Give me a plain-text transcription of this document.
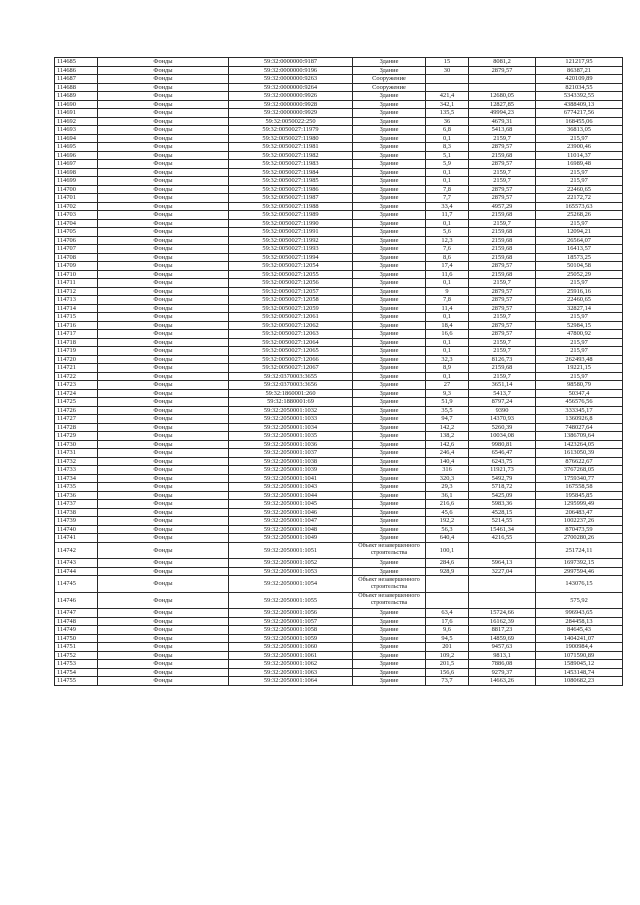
114685	Фонды	59:32:0000000:9187	Здание	15	8081,2	121217,95
114686	Фонды	59:32:0000000:9196	Здание	30	2879,57	86387,21
114687	Фонды	59:32:0000000:9263	Сооружение			420109,89
114688	Фонды	59:32:0000000:9264	Сооружение			821034,55
114689	Фонды	59:32:0000000:9926	Здание	421,4	12680,05	5343392,55
114690	Фонды	59:32:0000000:9928	Здание	342,1	12827,85	4388409,13
114691	Фонды	59:32:0000000:9929	Здание	135,5	49994,23	6774217,56
114692	Фонды	59:32:0050022:250	Здание	36	4679,31	168455,06
114693	Фонды	59:32:0050027:11979	Здание	6,8	5413,68	36813,05
114694	Фонды	59:32:0050027:11980	Здание	0,1	2159,7	215,97
114695	Фонды	59:32:0050027:11981	Здание	8,3	2879,57	23900,46
114696	Фонды	59:32:0050027:11982	Здание	5,1	2159,68	11014,37
114697	Фонды	59:32:0050027:11983	Здание	5,9	2879,57	16989,48
114698	Фонды	59:32:0050027:11984	Здание	0,1	2159,7	215,97
114699	Фонды	59:32:0050027:11985	Здание	0,1	2159,7	215,97
114700	Фонды	59:32:0050027:11986	Здание	7,8	2879,57	22460,65
114701	Фонды	59:32:0050027:11987	Здание	7,7	2879,57	22172,72
114702	Фонды	59:32:0050027:11988	Здание	33,4	4957,29	165573,63
114703	Фонды	59:32:0050027:11989	Здание	11,7	2159,68	25268,26
114704	Фонды	59:32:0050027:11990	Здание	0,1	2159,7	215,97
114705	Фонды	59:32:0050027:11991	Здание	5,6	2159,68	12094,21
114706	Фонды	59:32:0050027:11992	Здание	12,3	2159,68	26564,07
114707	Фонды	59:32:0050027:11993	Здание	7,6	2159,68	16413,57
114708	Фонды	59:32:0050027:11994	Здание	8,6	2159,68	18573,25
114709	Фонды	59:32:0050027:12054	Здание	17,4	2879,57	50104,58
114710	Фонды	59:32:0050027:12055	Здание	11,6	2159,68	25052,29
114711	Фонды	59:32:0050027:12056	Здание	0,1	2159,7	215,97
114712	Фонды	59:32:0050027:12057	Здание	9	2879,57	25916,16
114713	Фонды	59:32:0050027:12058	Здание	7,8	2879,57	22460,65
114714	Фонды	59:32:0050027:12059	Здание	11,4	2879,57	32827,14
114715	Фонды	59:32:0050027:12061	Здание	0,1	2159,7	215,97
114716	Фонды	59:32:0050027:12062	Здание	18,4	2879,57	52984,15
114717	Фонды	59:32:0050027:12063	Здание	16,6	2879,57	47800,92
114718	Фонды	59:32:0050027:12064	Здание	0,1	2159,7	215,97
114719	Фонды	59:32:0050027:12065	Здание	0,1	2159,7	215,97
114720	Фонды	59:32:0050027:12066	Здание	32,3	8126,73	262493,48
114721	Фонды	59:32:0050027:12067	Здание	8,9	2159,68	19221,15
114722	Фонды	59:32:0370003:3655	Здание	0,1	2159,7	215,97
114723	Фонды	59:32:0370003:3656	Здание	27	3651,14	98580,79
114724	Фонды	59:32:1860001:260	Здание	9,3	5413,7	50347,4
114725	Фонды	59:32:1880001:69	Здание	51,9	8797,24	456576,56
114726	Фонды	59:32:2050001:1032	Здание	35,5	9390	333345,17
114727	Фонды	59:32:2050001:1033	Здание	94,7	14370,93	1360926,8
114728	Фонды	59:32:2050001:1034	Здание	142,2	5260,39	748027,64
114729	Фонды	59:32:2050001:1035	Здание	138,2	10034,08	1386709,64
114730	Фонды	59:32:2050001:1036	Здание	142,6	9980,81	1423264,05
114731	Фонды	59:32:2050001:1037	Здание	246,4	6546,47	1613050,39
114732	Фонды	59:32:2050001:1038	Здание	140,4	6243,75	876622,67
114733	Фонды	59:32:2050001:1039	Здание	316	11921,73	3767268,05
114734	Фонды	59:32:2050001:1041	Здание	320,3	5492,79	1759340,77
114735	Фонды	59:32:2050001:1043	Здание	29,3	5718,72	167558,58
114736	Фонды	59:32:2050001:1044	Здание	36,1	5425,09	195845,85
114737	Фонды	59:32:2050001:1045	Здание	216,6	5983,36	1295999,49
114738	Фонды	59:32:2050001:1046	Здание	45,6	4528,15	206483,47
114739	Фонды	59:32:2050001:1047	Здание	192,2	5214,55	1002237,26
114740	Фонды	59:32:2050001:1048	Здание	56,3	15461,34	870473,59
114741	Фонды	59:32:2050001:1049	Здание	640,4	4216,55	2700280,26
114742	Фонды	59:32:2050001:1051	Объект незавершенного строительства	100,1		251724,11
114743	Фонды	59:32:2050001:1052	Здание	284,6	5964,13	1697392,15
114744	Фонды	59:32:2050001:1053	Здание	928,9	3227,04	2997594,46
114745	Фонды	59:32:2050001:1054	Объект незавершенного строительства			143076,15
114746	Фонды	59:32:2050001:1055	Объект незавершенного строительства			575,92
114747	Фонды	59:32:2050001:1056	Здание	63,4	15724,66	996943,65
114748	Фонды	59:32:2050001:1057	Здание	17,6	16162,39	284458,13
114749	Фонды	59:32:2050001:1058	Здание	9,6	8817,23	84645,43
114750	Фонды	59:32:2050001:1059	Здание	94,5	14859,69	1404241,07
114751	Фонды	59:32:2050001:1060	Здание	201	9457,63	1900984,4
114752	Фонды	59:32:2050001:1061	Здание	109,2	9813,1	1071590,89
114753	Фонды	59:32:2050001:1062	Здание	201,5	7886,08	1589045,12
114754	Фонды	59:32:2050001:1063	Здание	156,6	9279,37	1453148,74
114755	Фонды	59:32:2050001:1064	Здание	73,7	14663,26	1080682,23
